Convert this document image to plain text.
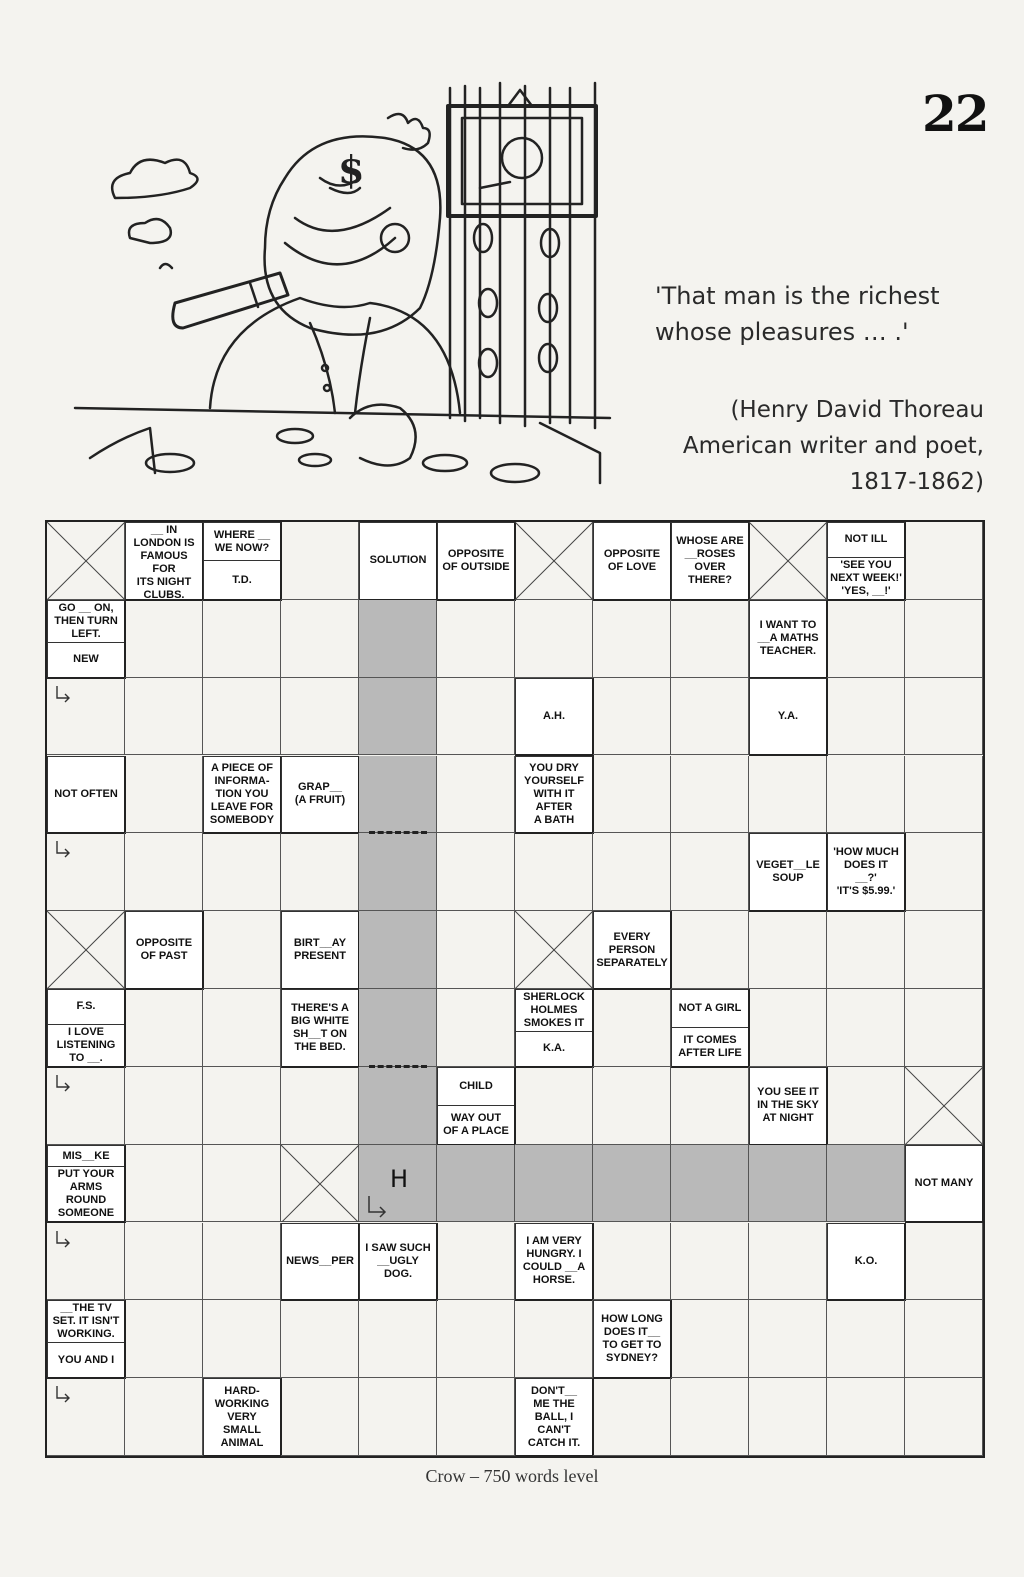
22
$
'That man is the richest
whose pleasures … .'
(Henry David Thoreau
American writer and poet,
1817-1862)
__ IN
LONDON IS
FAMOUS FOR
ITS NIGHT
CLUBS.
WHERE __
WE NOW?
T.D.
SOLUTION
OPPOSITE
OF OUTSIDE
OPPOSITE
OF LOVE
WHOSE ARE
__ROSES
OVER
THERE?
NOT ILL
'SEE YOU
NEXT WEEK!'
'YES, __!'
GO __ ON,
THEN TURN
LEFT.
NEW
I WANT TO
__A MATHS
TEACHER.
A.H.	Y.A.
NOT OFTEN
A PIECE OF
INFORMA-
TION YOU
LEAVE FOR
SOMEBODY
GRAP__
(A FRUIT)
YOU DRY
YOURSELF
WITH IT
AFTER
A BATH
VEGET__LE
SOUP
'HOW MUCH
DOES IT
__?'
'IT'S $5.99.'
OPPOSITE
OF PAST
BIRT__AY
PRESENT
EVERY
PERSON
SEPARATELY
F.S.
I LOVE
LISTENING
TO __.
THERE'S A
BIG WHITE
SH__T ON
THE BED.
SHERLOCK
HOLMES
SMOKES IT
K.A.
NOT A GIRL
IT COMES
AFTER LIFE
CHILD
WAY OUT
OF A PLACE
YOU SEE IT
IN THE SKY
AT NIGHT
MIS__KE
PUT YOUR
ARMS ROUND
SOMEONE
H	NOT MANY
NEWS__PER
I SAW SUCH
__UGLY
DOG.
I AM VERY
HUNGRY. I
COULD __A
HORSE.
K.O.
__THE TV
SET. IT ISN'T
WORKING.
YOU AND I
HOW LONG
DOES IT__
TO GET TO
SYDNEY?
HARD-
WORKING
VERY
SMALL
ANIMAL
DON'T__
ME THE
BALL, I
CAN'T
CATCH IT.
Crow – 750 words level
